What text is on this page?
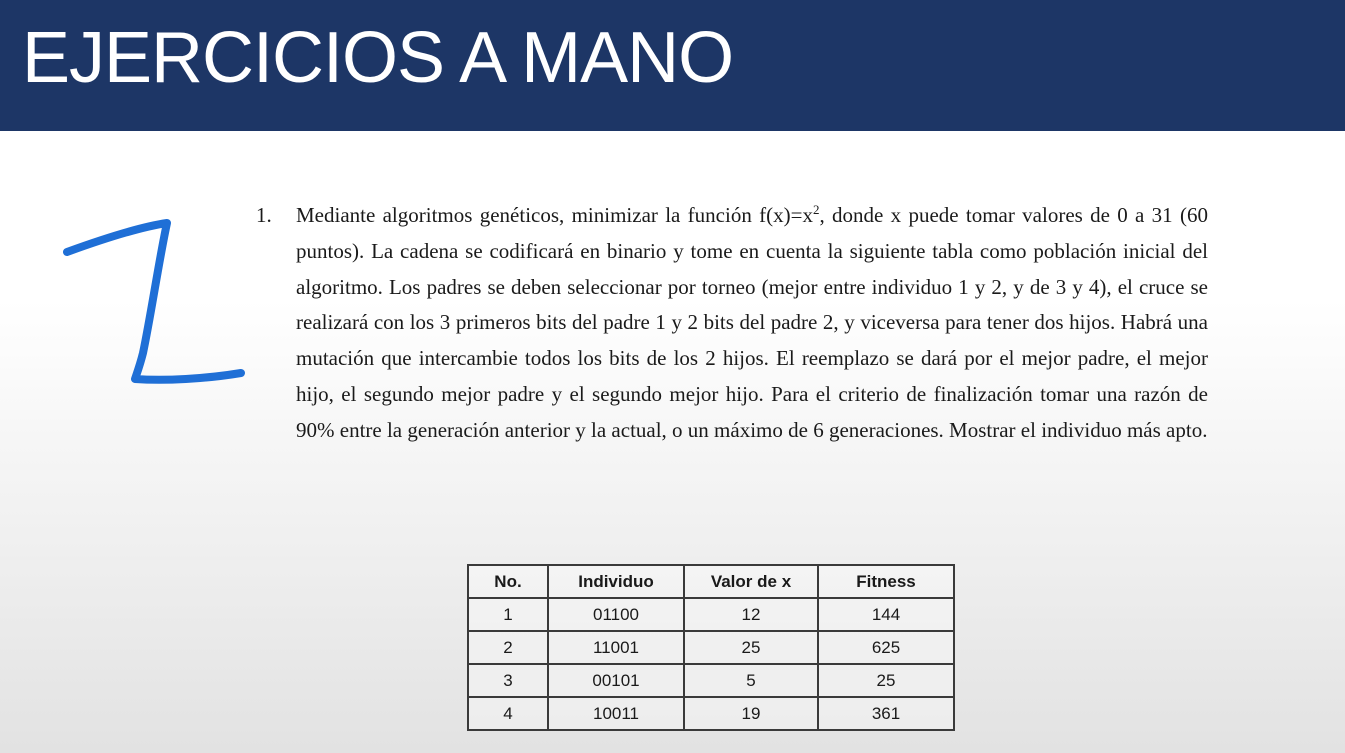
EJERCICIOS A MANO
1. Mediante algoritmos genéticos, minimizar la función $f(x)=x^2$, donde x puede tomar valores de 0 a 31 (60 puntos). La cadena se codificará en binario y tome en cuenta la siguiente tabla como población inicial del algoritmo. Los padres se deben seleccionar por torneo (mejor entre individuo 1 y 2, y de 3 y 4), el cruce se realizará con los 3 primeros bits del padre 1 y 2 bits del padre 2, y viceversa para tener dos hijos. Habrá una mutación que intercambie todos los bits de los 2 hijos. El reemplazo se dará por el mejor padre, el mejor hijo, el segundo mejor padre y el segundo mejor hijo. Para el criterio de finalización tomar una razón de 90% entre la generación anterior y la actual, o un máximo de 6 generaciones. Mostrar el individuo más apto.
No.	Individuo	Valor de x	Fitness
1	01100	12	144
2	11001	25	625
3	00101	5	25
4	10011	19	361
